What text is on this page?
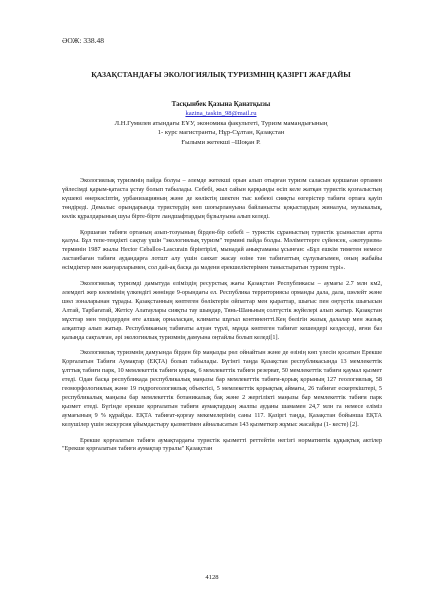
ӘОЖ: 338.48
ҚАЗАҚСТАНДАҒЫ ЭКОЛОГИЯЛЫҚ ТУРИЗМНІҢ ҚАЗІРГІ ЖАҒДАЙЫ
Тасқынбек Қазына Қанатқызы
kazina_taskin_98@mail.ru
Л.Н.Гумилев атындағы ЕҰУ, экономика факультеті, Туризм мамандығының
1- курс магистранты, Нұр-Сұлтан, Қазақстан
Ғылыми жетекші –Шоқан Р.

Экологиялық туризмнің пайда болуы – әлемде жетекші орын алып отырған туризм саласын қоршаған ортамен үйлесімді қарым-қатаста ұстау болып табылады. Себебі, жыл сайын қарқынды өсіп келе жатқан туристік қозғалыстың күшеюі өнеркәсіптің, урбанизацияның және де көліктің шектен тыс көбеюі сияқты өзгерістер табиғи ортаға қауіп төндіреді. Демалыс орындарында туристердің көп шоғырлануына байланысты қоқыстардың жиналуы, музыкалық, көлік құралдарының шуы бірте-бірте ландшафтардың бұзылуына алып келеді.

Қоршаған табиғи ортаның азып-тозуының бірден-бір себебі – туристік сұраныстың туристік ұсыныстан артта қалуы. Бұл тепе-теңдікті сақтау үшін "экологиялық туризм" термині пайда болды. Мәліметтерге сүйенсек, «экотуризм» терминін 1987 жылы Hector Ceballos-Lascurain бірінтірілі, мынадай анықтаманы ұсынған: «Бұл ешкім тиметен немесе ластанбаған табиғи аудандарға лотшт алу үшін саяхат жасау өзіне тән табиғаттың сұлулығымен, оның жабайы өсімдіктер мен жануарларымен, сол дай-ақ басқа да мәдени ерекшеліктерімен таныстыратын туризм түрі».

Экологиялық туризмді дамытуда еліміздің ресурстық жағы Қазақстан Республикасы – аумағы 2.7 млн км2, әлемдегі жер көлемінің үлкендігі жөнінде 9-орындағы ел. Республика территориясы орманды дала, дала, шөлейт және шөл зоналарынан тұрады. Қазақстанның көптеген бөліктерін ойпаттар мен қыраттар, шығыс пен оңтүстік шығысын Алтай, Тарбағатай, Жетісу Алатаулары сияқты тау шыңдар, Тянь-Шаньның солтүстік жүйелері алып жатыр. Қазақстан мұхттар мен теңіздерден өте алшақ орналасқан, климаты шұғыл континентті.Кең бөлігін жазық далалар мен жазық алқаптар алып жатыр. Республиканың табиғаты алуан түрлі, мұнда көптеген табиғат кешендері кездеседі, яғни баз қалыңда сақталған, әрі экологиялық туризмнің дамуына оңтайлы болып келеді[1].

Экологиялық туризмнің дамуында бірден бір маңызды рөл ойнайтын және де өзінің көп үлесін қосатын Ерекше Қорғалатын Табиғи Аумақтар (ЕҚТА) болып табылады. Бүгінгі таңда Қазақстан республикасында 13 мемлекеттік ұлттық табиғи парк, 10 мемлекеттік табиғи қорық, 6 мемлекеттік табиғи резерват, 50 мемлекеттік табиғи қаумал қызмет етеді. Одан басқа республикада республикалық маңызы бар мемлекеттік табиғи-қорық қорының 127 геологиялық, 58 геоморфологиялық және 19 гидрогеологиялық объектісі, 5 мемлекеттік қорықтық аймағы, 26 табиғат ескерткіштері, 5 республикалық маңызы бар мемлекеттік ботаникалық бақ және 2 жергілікті маңызы бар мемлекеттік табиғи парк қызмет етеді. Бүгінде ерекше қорғалатын табиғи аумақтардың жалпы ауданы шамамен 24,7 млн га немесе еліміз аумағының 9 % құрайды. ЕҚТА табиғат-қорғау мекемелерінің саны 117. Қазіргі таңда, Қазақстан бойынша ЕҚТА келушілер үшін экскурсия ұйымдастыру қызметімен айналысатын 143 қызметкер жұмыс жасайды (1- кесте) [2].

Ерекше қорғалатын табиғи аумақтардағы туристік қызметті реттейтін негізгі нормативтік құқықтық актілер "Ерекше қорғалатын табиғи аумақтар туралы" Қазақстан

4128
